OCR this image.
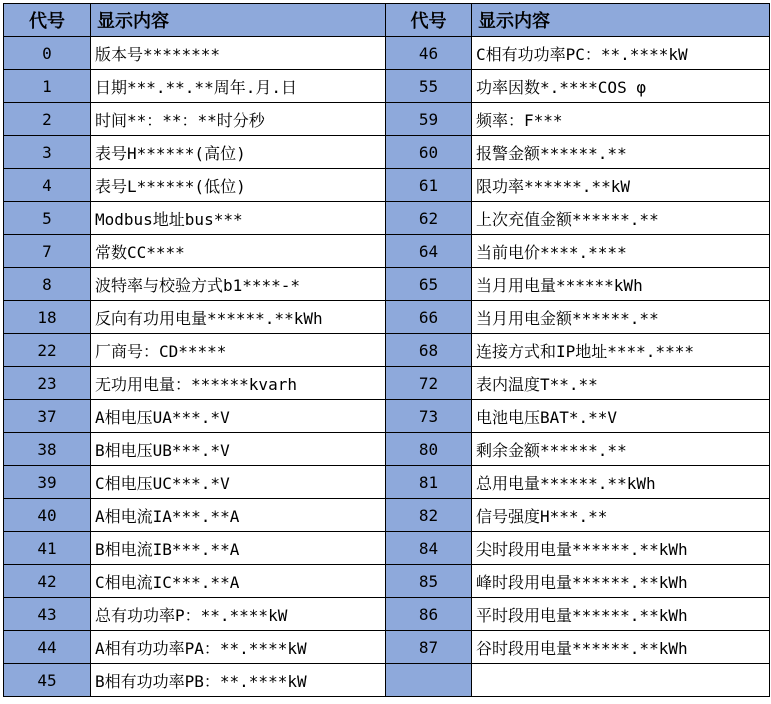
代号	显示内容	代号	显示内容
0	版本号********	46	C相有功功率PC：**.****kW
1	日期***.**.**周年.月.日	55	功率因数*.****COS φ
2	时间**：**：**时分秒	59	频率：F***
3	表号H******(高位)	60	报警金额******.**
4	表号L******(低位)	61	限功率******.**kW
5	Modbus地址bus***	62	上次充值金额******.**
7	常数CC****	64	当前电价****.****
8	波特率与校验方式b1****-*	65	当月用电量******kWh
18	反向有功用电量******.**kWh	66	当月用电金额******.**
22	厂商号：CD*****	68	连接方式和IP地址****.****
23	无功用电量：******kvarh	72	表内温度T**.**
37	A相电压UA***.*V	73	电池电压BAT*.**V
38	B相电压UB***.*V	80	剩余金额******.**
39	C相电压UC***.*V	81	总用电量******.**kWh
40	A相电流IA***.**A	82	信号强度H***.**
41	B相电流IB***.**A	84	尖时段用电量******.**kWh
42	C相电流IC***.**A	85	峰时段用电量******.**kWh
43	总有功功率P：**.****kW	86	平时段用电量******.**kWh
44	A相有功功率PA：**.****kW	87	谷时段用电量******.**kWh
45	B相有功功率PB：**.****kW		
